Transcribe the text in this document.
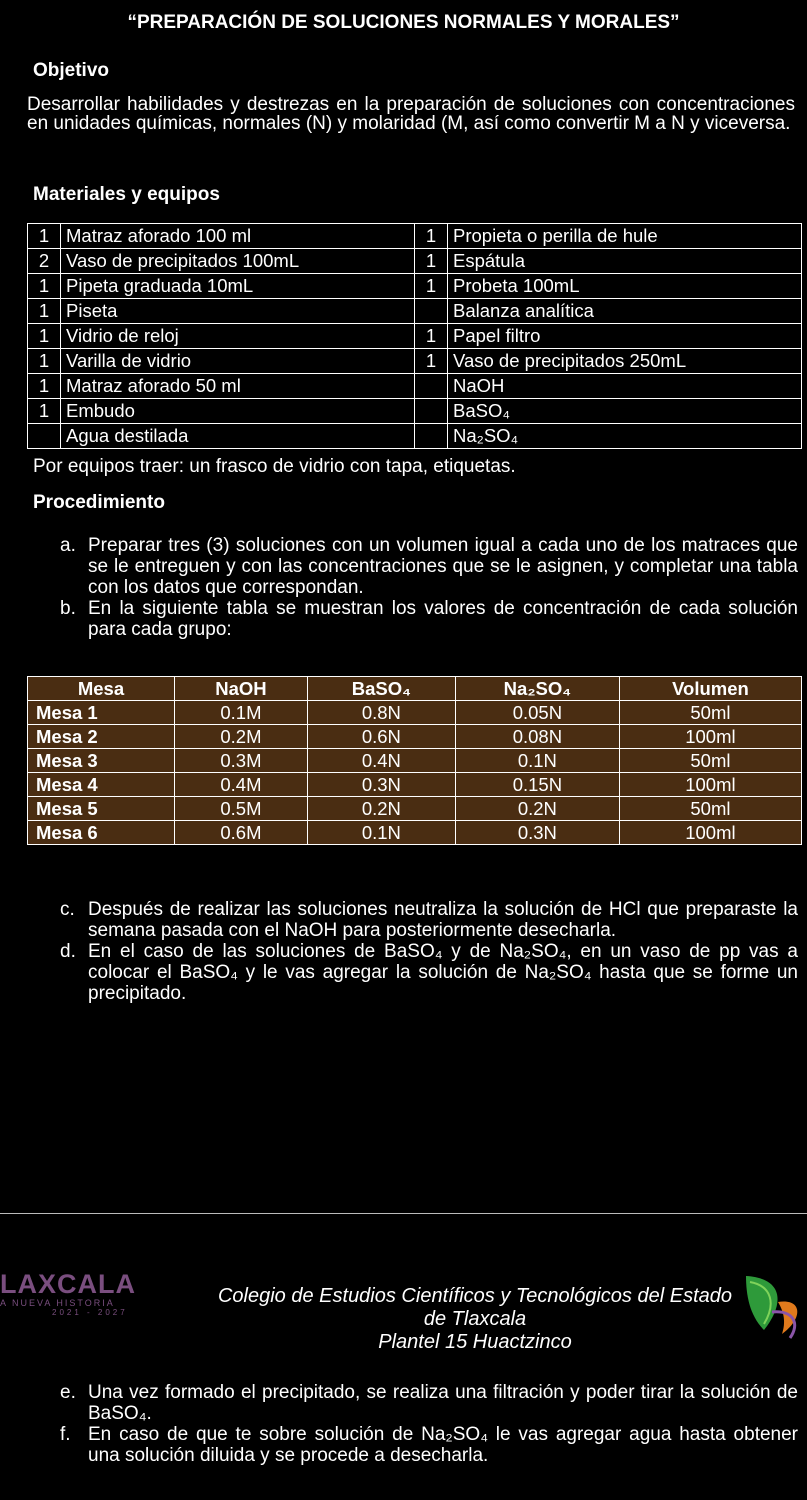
“PREPARACIÓN DE SOLUCIONES NORMALES Y MORALES”
Objetivo
Desarrollar habilidades y destrezas en la preparación de soluciones con concentraciones en unidades químicas, normales (N) y molaridad (M, así como convertir M a N y viceversa.
Materiales y equipos
1	Matraz aforado 100 ml	1	Propieta o perilla de hule
2	Vaso de precipitados 100mL	1	Espátula
1	Pipeta graduada 10mL	1	Probeta 100mL
1	Piseta		Balanza analítica
1	Vidrio de reloj	1	Papel filtro
1	Varilla de vidrio	1	Vaso de precipitados 250mL
1	Matraz aforado 50 ml		NaOH
1	Embudo		BaSO₄
	Agua destilada		Na₂SO₄
Por equipos traer: un frasco de vidrio con tapa, etiquetas.
Procedimiento
a. Preparar tres (3) soluciones con un volumen igual a cada uno de los matraces que se le entreguen y con las concentraciones que se le asignen, y completar una tabla con los datos que correspondan.
b. En la siguiente tabla se muestran los valores de concentración de cada solución para cada grupo:
Mesa	NaOH	BaSO₄	Na₂SO₄	Volumen
Mesa 1	0.1M	0.8N	0.05N	50ml
Mesa 2	0.2M	0.6N	0.08N	100ml
Mesa 3	0.3M	0.4N	0.1N	50ml
Mesa 4	0.4M	0.3N	0.15N	100ml
Mesa 5	0.5M	0.2N	0.2N	50ml
Mesa 6	0.6M	0.1N	0.3N	100ml
c. Después de realizar las soluciones neutraliza la solución de HCl que preparaste la semana pasada con el NaOH para posteriormente desecharla.
d. En el caso de las soluciones de BaSO₄ y de Na₂SO₄, en un vaso de pp vas a colocar el BaSO₄ y le vas agregar la solución de Na₂SO₄ hasta que se forme un precipitado.
LAXCALA
A NUEVA HISTORIA
2021 - 2027
Colegio de Estudios Científicos y Tecnológicos del Estado
de Tlaxcala
Plantel 15 Huactzinco
e. Una vez formado el precipitado, se realiza una filtración y poder tirar la solución de BaSO₄.
f. En caso de que te sobre solución de Na₂SO₄ le vas agregar agua hasta obtener una solución diluida y se procede a desecharla.
